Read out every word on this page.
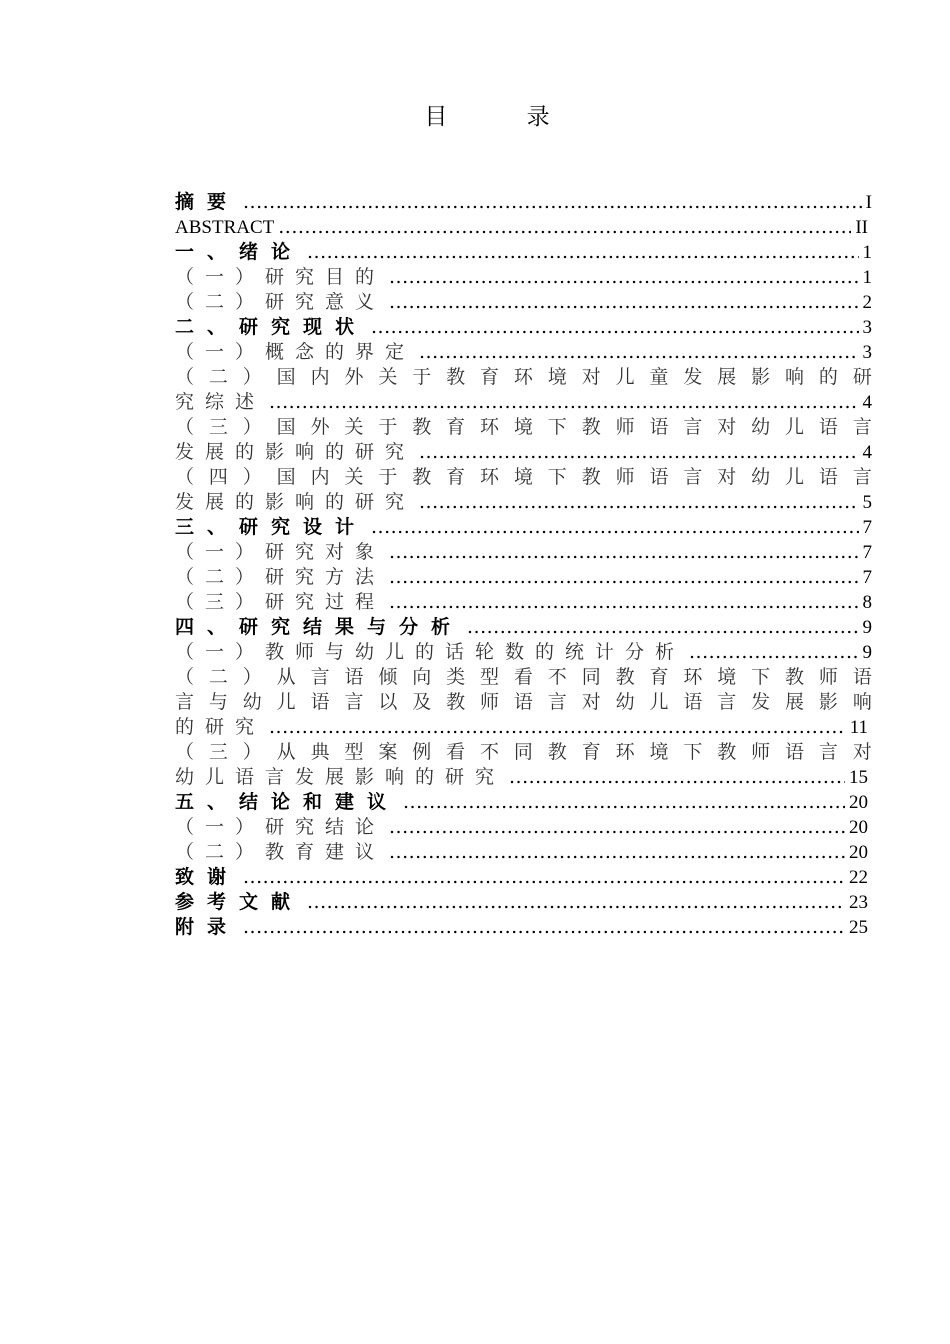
目 录
摘要 .....	I
ABSTRACT .....	II
一、绪论 .....	1
（一）研究目的 .....	1
（二）研究意义 .....	2
二、研究现状 .....	3
（一）概念的界定 .....	3
（ 二 ） 国 内 外 关 于 教 育 环 境 对 儿 童 发 展 影 响 的 研
究综述 .....	4
（ 三 ） 国 外 关 于 教 育 环 境 下 教 师 语 言 对 幼 儿 语 言
发展的影响的研究 .....	4
（ 四 ） 国 内 关 于 教 育 环 境 下 教 师 语 言 对 幼 儿 语 言
发展的影响的研究 .....	5
三、研究设计 .....	7
（一）研究对象 .....	7
（二）研究方法 .....	7
（三）研究过程 .....	8
四、研究结果与分析 .....	9
（一）教师与幼儿的话轮数的统计分析 .....	9
（ 二 ） 从 言 语 倾 向 类 型 看 不 同 教 育 环 境 下 教 师 语
言 与 幼 儿 语 言 以 及 教 师 语 言 对 幼 儿 语 言 发 展 影 响
的研究 .....	11
（ 三 ） 从 典 型 案 例 看 不 同 教 育 环 境 下 教 师 语 言 对
幼儿语言发展影响的研究 .....	15
五、结论和建议 .....	20
（一）研究结论 .....	20
（二）教育建议 .....	20
致谢 .....	22
参考文献 .....	23
附录 .....	25
